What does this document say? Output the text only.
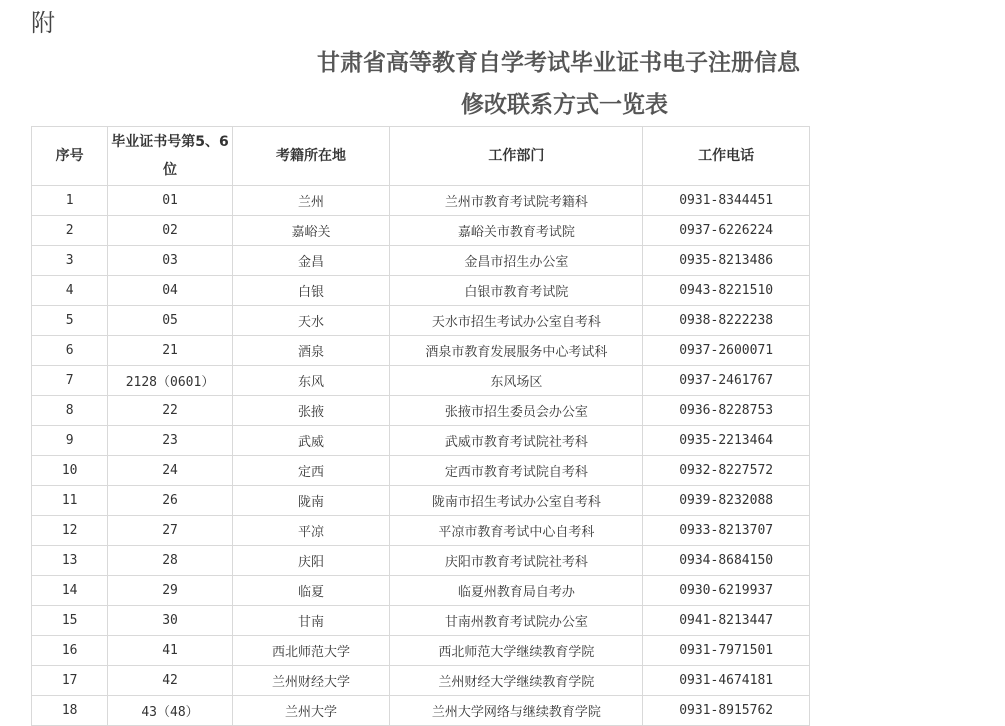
附
甘肃省高等教育自学考试毕业证书电子注册信息
修改联系方式一览表
序号	毕业证书号第5、6位	考籍所在地	工作部门	工作电话
1	01	兰州	兰州市教育考试院考籍科	0931-8344451
2	02	嘉峪关	嘉峪关市教育考试院	0937-6226224
3	03	金昌	金昌市招生办公室	0935-8213486
4	04	白银	白银市教育考试院	0943-8221510
5	05	天水	天水市招生考试办公室自考科	0938-8222238
6	21	酒泉	酒泉市教育发展服务中心考试科	0937-2600071
7	2128（0601）	东风	东风场区	0937-2461767
8	22	张掖	张掖市招生委员会办公室	0936-8228753
9	23	武威	武威市教育考试院社考科	0935-2213464
10	24	定西	定西市教育考试院自考科	0932-8227572
11	26	陇南	陇南市招生考试办公室自考科	0939-8232088
12	27	平凉	平凉市教育考试中心自考科	0933-8213707
13	28	庆阳	庆阳市教育考试院社考科	0934-8684150
14	29	临夏	临夏州教育局自考办	0930-6219937
15	30	甘南	甘南州教育考试院办公室	0941-8213447
16	41	西北师范大学	西北师范大学继续教育学院	0931-7971501
17	42	兰州财经大学	兰州财经大学继续教育学院	0931-4674181
18	43（48）	兰州大学	兰州大学网络与继续教育学院	0931-8915762
